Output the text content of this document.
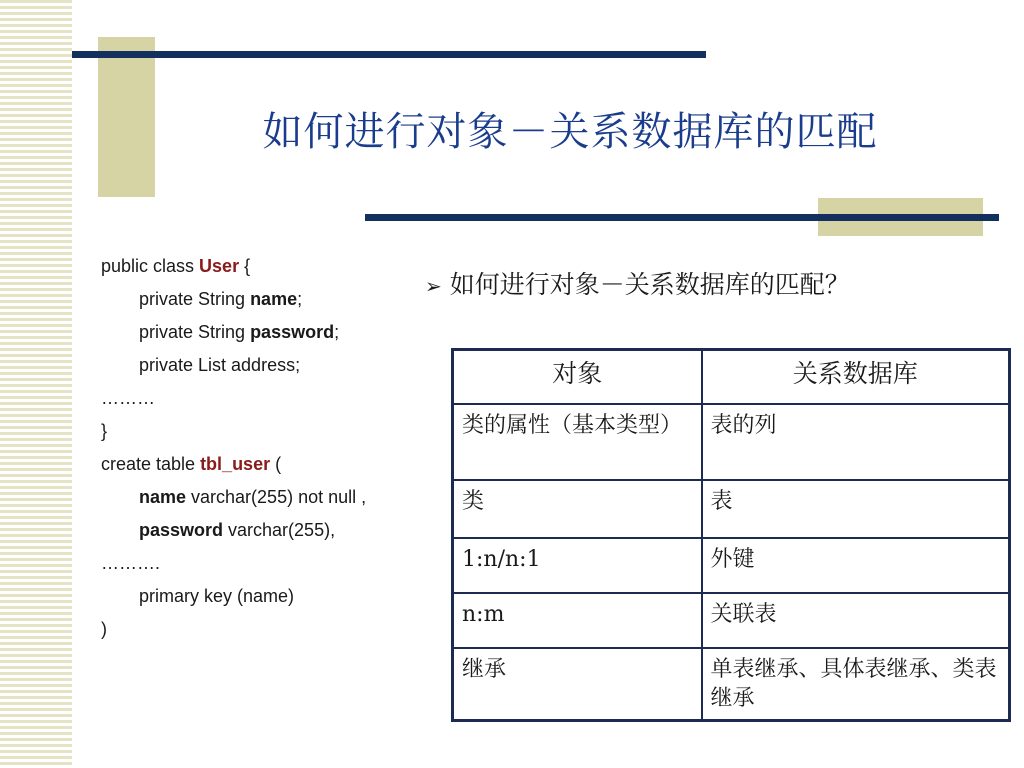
如何进行对象－关系数据库的匹配
public class User {
private String name;
private String password;
private List address;
………
}
create table tbl_user (
name varchar(255) not null ,
password varchar(255),
……….
primary key (name)
)
➢ 如何进行对象－关系数据库的匹配？
对象	关系数据库
类的属性（基本类型）	表的列
类	表
1:n/n:1	外键
n:m	关联表
继承	单表继承、具体表继承、类表继承
